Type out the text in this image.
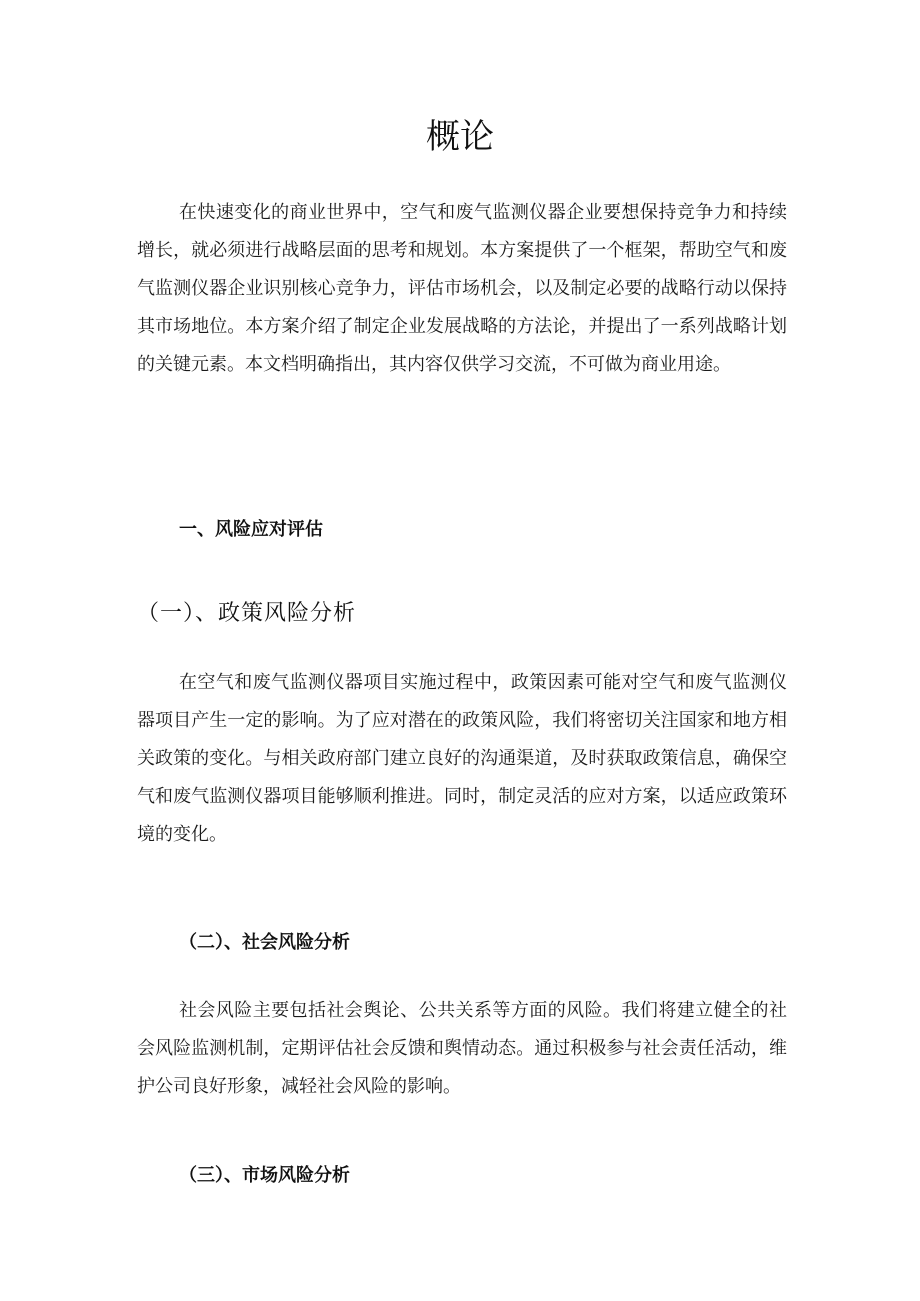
概论

在快速变化的商业世界中，空气和废气监测仪器企业要想保持竞争力和持续增长，就必须进行战略层面的思考和规划。本方案提供了一个框架，帮助空气和废气监测仪器企业识别核心竞争力，评估市场机会，以及制定必要的战略行动以保持其市场地位。本方案介绍了制定企业发展战略的方法论，并提出了一系列战略计划的关键元素。本文档明确指出，其内容仅供学习交流，不可做为商业用途。

一、风险应对评估
（一）、政策风险分析

在空气和废气监测仪器项目实施过程中，政策因素可能对空气和废气监测仪器项目产生一定的影响。为了应对潜在的政策风险，我们将密切关注国家和地方相关政策的变化。与相关政府部门建立良好的沟通渠道，及时获取政策信息，确保空气和废气监测仪器项目能够顺利推进。同时，制定灵活的应对方案，以适应政策环境的变化。

（二）、社会风险分析

社会风险主要包括社会舆论、公共关系等方面的风险。我们将建立健全的社会风险监测机制，定期评估社会反馈和舆情动态。通过积极参与社会责任活动，维护公司良好形象，减轻社会风险的影响。

（三）、市场风险分析
